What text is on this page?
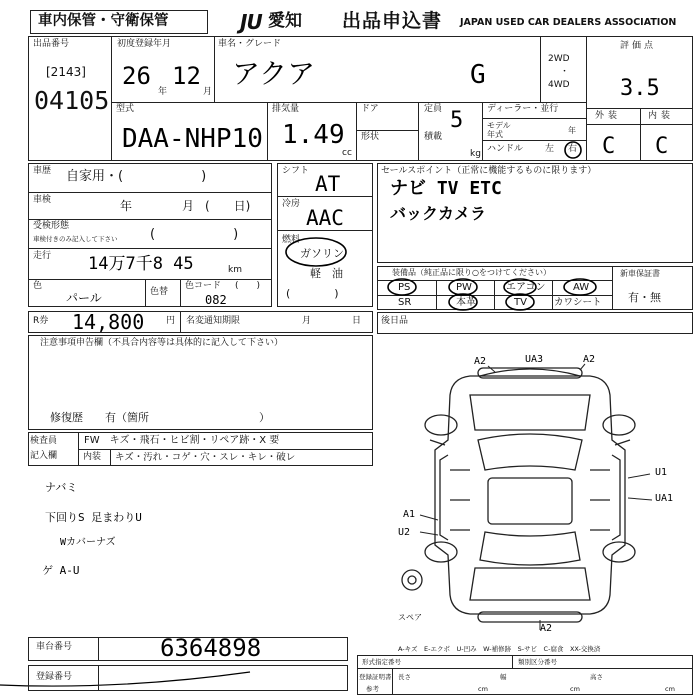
車内保管・守衛保管	JU 愛知 出品申込書 JAPAN USED CAR DEALERS ASSOCIATION
出品番号
[2143]
04105
初度登録年月
26
年
12
月
車名・グレード
アクア	G
2WD
・
4WD
評価点
3.5
外装	内装
C C
型式
DAA-NHP10
排気量
1.49
cc
ドア
形状
定員 5
積載
kg
ディーラー・並行
モデル
年式	年
ハンドル 左 右
車歴 自家用・(　　　　　　)
車検	年	月 (　　日)
受検形態
車検付きのみ記入して下さい	(　　　　　　)
走行 14万7千8 45	km
色
パール	色替
色コード (　　)
082
シフト
AT
冷房
AAC
燃料
ガソリン
軽　油
(　　　　)
セールスポイント（正常に機能するものに限ります）
ナビ TV ETC
バックカメラ
装備品（純正品に限り○をつけてください）
PS	PW	エアコン	AW
SR	本革	TV	カワシート
新車保証書
有・無
R券 14,800 円 名変通知期限	月	日 後日品
注意事項申告欄（不具合内容等は具体的に記入して下さい）
修復歴　　有（箇所　　　　　　　　　　）
検査員
記入欄
FW　キズ・飛石・ヒビ割・リペア跡・X 要
内装 キズ・汚れ・コゲ・穴・スレ・キレ・破レ
ナバミ
下回りS 足まわりU
Wカバーナズ
ゲ A-U
A2	UA3	A2
U1
UA1
A1
U2
A2
スペア
A-キズ　E-エクボ　U-凹み　W-補修跡　S-サビ　C-腐食　XX-交換済
車台番号	6364898
登録番号
形式指定番号	類別区分番号
登録証明書
参考
長さ
cm
幅
cm
高さ
cm
